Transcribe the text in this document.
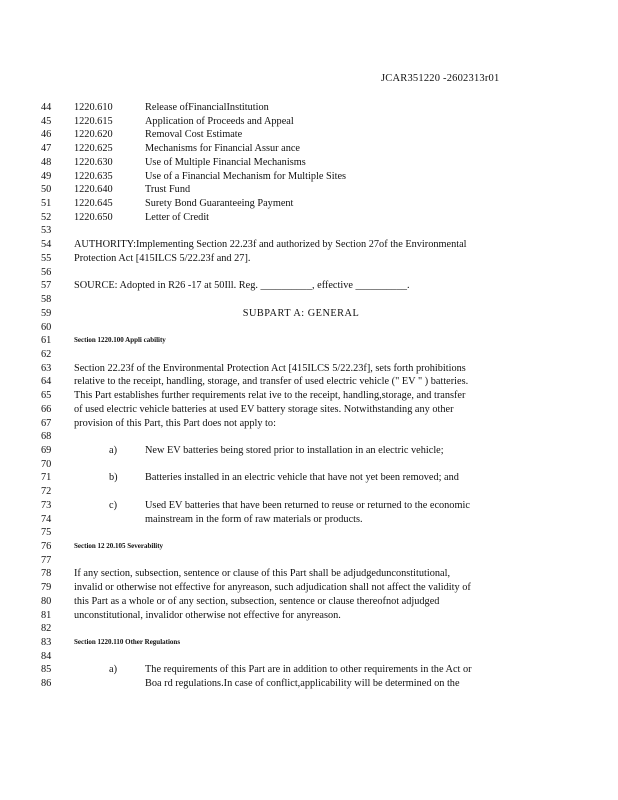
JCAR351220 -2602313r01
44	1220.610	Release ofFinancialInstitution
45	1220.615	Application of Proceeds and Appeal
46	1220.620	Removal Cost Estimate
47	1220.625	Mechanisms for Financial Assur ance
48	1220.630	Use of Multiple Financial Mechanisms
49	1220.635	Use of a Financial Mechanism for Multiple Sites
50	1220.640	Trust Fund
51	1220.645	Surety Bond Guaranteeing Payment
52	1220.650	Letter of Credit
53
54	AUTHORITY:Implementing Section 22.23f and authorized by Section 27of the Environmental
55	Protection Act [415ILCS 5/22.23f and 27].
56
57	SOURCE: Adopted in R26 -17 at 50Ill. Reg. __________, effective __________.
58
59	SUBPART A: GENERAL
60
61	Section 1220.100 Appli cability
62
63	Section 22.23f of the Environmental Protection Act [415ILCS 5/22.23f], sets forth prohibitions
64	relative to the receipt, handling, storage, and transfer of used electric vehicle (" EV " ) batteries.
65	This Part establishes further requirements relat ive to the receipt, handling,storage, and transfer
66	of used electric vehicle batteries at used EV battery storage sites. Notwithstanding any other
67	provision of this Part, this Part does not apply to:
68
69	a)	New EV batteries being stored prior to installation in an electric vehicle;
70
71	b)	Batteries installed in an electric vehicle that have not yet been removed; and
72
73	c)	Used EV batteries that have been returned to reuse or returned to the economic
74	mainstream in the form of raw materials or products.
75
76	Section 12 20.105 Severability
77
78	If any section, subsection, sentence or clause of this Part shall be adjudgedunconstitutional,
79	invalid or otherwise not effective for anyreason, such adjudication shall not affect the validity of
80	this Part as a whole or of any section, subsection, sentence or clause thereofnot adjudged
81	unconstitutional, invalidor otherwise not effective for anyreason.
82
83	Section 1220.110 Other Regulations
84
85	a)	The requirements of this Part are in addition to other requirements in the Act or
86	Boa rd regulations.In case of conflict,applicability will be determined on the
